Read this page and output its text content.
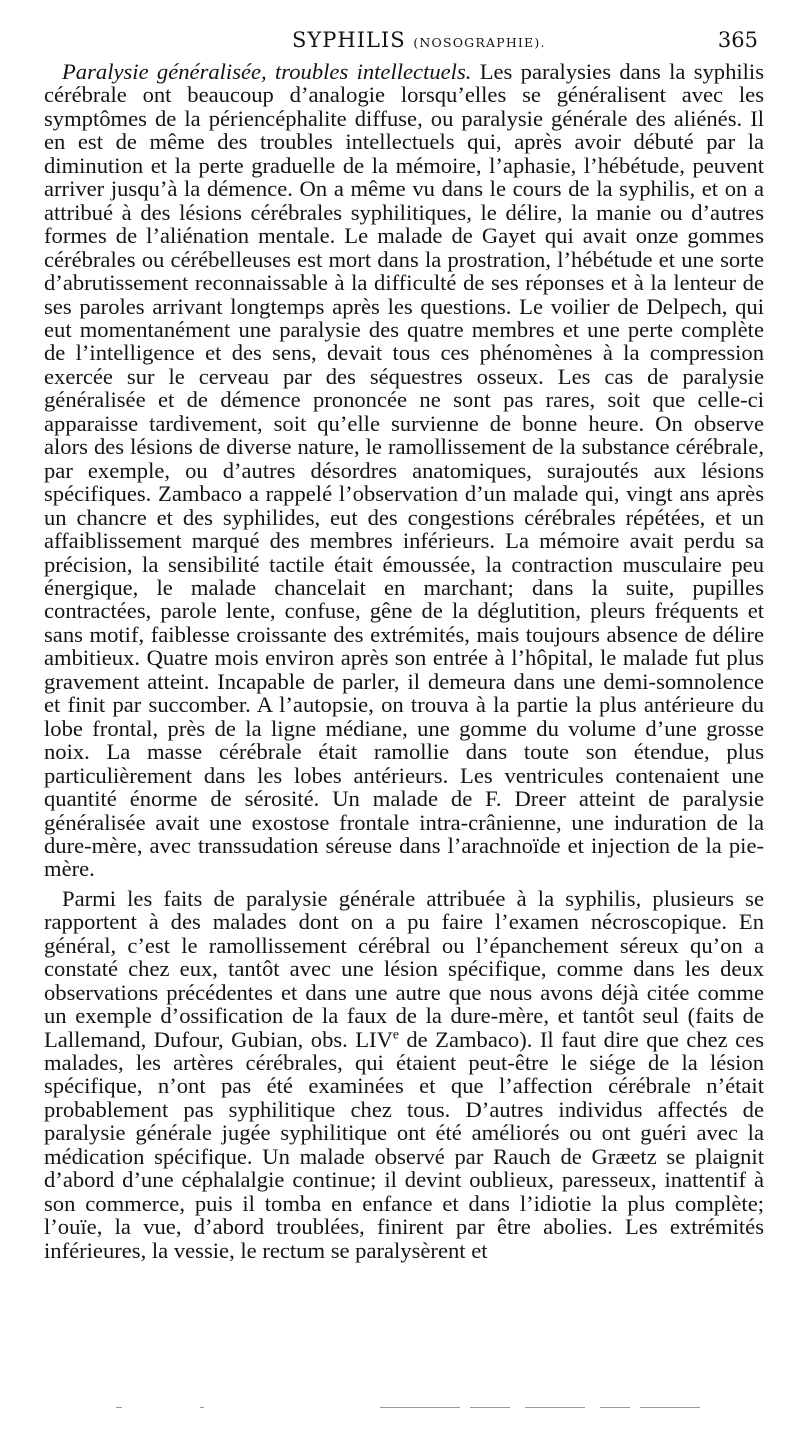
SYPHILIS (NOSOGRAPHIE).	365

Paralysie généralisée, troubles intellectuels. Les paralysies dans la syphilis cérébrale ont beaucoup d’analogie lorsqu’elles se généralisent avec les symptômes de la périencéphalite diffuse, ou paralysie générale des aliénés. Il en est de même des troubles intellectuels qui, après avoir débuté par la diminution et la perte graduelle de la mémoire, l’aphasie, l’hébétude, peuvent arriver jusqu’à la démence. On a même vu dans le cours de la syphilis, et on a attribué à des lésions cérébrales syphilitiques, le délire, la manie ou d’autres formes de l’aliénation mentale. Le malade de Gayet qui avait onze gommes cérébrales ou cérébelleuses est mort dans la prostration, l’hébétude et une sorte d’abrutissement reconnaissable à la difficulté de ses réponses et à la lenteur de ses paroles arrivant longtemps après les questions. Le voilier de Delpech, qui eut momentanément une paralysie des quatre membres et une perte complète de l’intelligence et des sens, devait tous ces phénomènes à la compression exercée sur le cerveau par des séquestres osseux. Les cas de paralysie généralisée et de démence prononcée ne sont pas rares, soit que celle-ci apparaisse tardivement, soit qu’elle survienne de bonne heure. On observe alors des lésions de diverse nature, le ramollissement de la substance cérébrale, par exemple, ou d’autres désordres anatomiques, surajoutés aux lésions spécifiques. Zambaco a rappelé l’observation d’un malade qui, vingt ans après un chancre et des syphilides, eut des congestions cérébrales répétées, et un affaiblissement marqué des membres inférieurs. La mémoire avait perdu sa précision, la sensibilité tactile était émoussée, la contraction musculaire peu énergique, le malade chancelait en marchant; dans la suite, pupilles contractées, parole lente, confuse, gêne de la déglutition, pleurs fréquents et sans motif, faiblesse croissante des extrémités, mais toujours absence de délire ambitieux. Quatre mois environ après son entrée à l’hôpital, le malade fut plus gravement atteint. Incapable de parler, il demeura dans une demi-somnolence et finit par succomber. A l’autopsie, on trouva à la partie la plus antérieure du lobe frontal, près de la ligne médiane, une gomme du volume d’une grosse noix. La masse cérébrale était ramollie dans toute son étendue, plus particulièrement dans les lobes antérieurs. Les ventricules contenaient une quantité énorme de sérosité. Un malade de F. Dreer atteint de paralysie généralisée avait une exostose frontale intra-crânienne, une induration de la dure-mère, avec transsudation séreuse dans l’arachnoïde et injection de la pie-mère.

Parmi les faits de paralysie générale attribuée à la syphilis, plusieurs se rapportent à des malades dont on a pu faire l’examen nécroscopique. En général, c’est le ramollissement cérébral ou l’épanchement séreux qu’on a constaté chez eux, tantôt avec une lésion spécifique, comme dans les deux observations précédentes et dans une autre que nous avons déjà citée comme un exemple d’ossification de la faux de la dure-mère, et tantôt seul (faits de Lallemand, Dufour, Gubian, obs. LIVe de Zambaco). Il faut dire que chez ces malades, les artères cérébrales, qui étaient peut-être le siége de la lésion spécifique, n’ont pas été examinées et que l’affection cérébrale n’était probablement pas syphilitique chez tous. D’autres individus affectés de paralysie générale jugée syphilitique ont été améliorés ou ont guéri avec la médication spécifique. Un malade observé par Rauch de Græetz se plaignit d’abord d’une céphalalgie continue; il devint oublieux, paresseux, inattentif à son commerce, puis il tomba en enfance et dans l’idiotie la plus complète; l’ouïe, la vue, d’abord troublées, finirent par être abolies. Les extrémités inférieures, la vessie, le rectum se paralysèrent et
